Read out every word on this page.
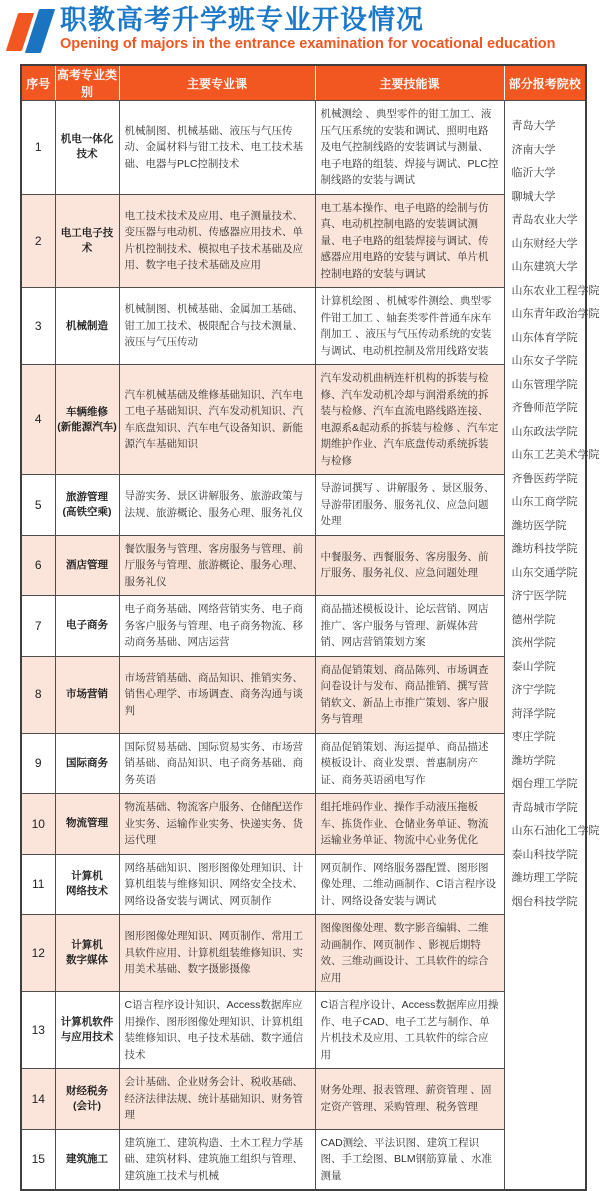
职教高考升学班专业开设情况
Opening of majors in the entrance examination for vocational education
序号	高考专业类别	主要专业课	主要技能课	部分报考院校
1	机电一体化
技术
	机械制图、机械基础、液压与气压传动、金属材料与钳工技术、电工技术基础、电器与PLC控制技术	机械测绘 、典型零件的钳工加工、液压气压系统的安装和调试、照明电路及电气控制线路的安装调试与测量、电子电路的组装、焊接与调试、PLC控制线路的安装与调试	
青岛大学
济南大学
临沂大学
聊城大学
青岛农业大学
山东财经大学
山东建筑大学
山东农业工程学院
山东青年政治学院
山东体育学院
山东女子学院
山东管理学院
齐鲁师范学院
山东政法学院
山东工艺美术学院
齐鲁医药学院
山东工商学院
潍坊医学院
潍坊科技学院
山东交通学院
济宁医学院
德州学院
滨州学院
泰山学院
济宁学院
菏泽学院
枣庄学院
潍坊学院
烟台理工学院
青岛城市学院
山东石油化工学院
泰山科技学院
潍坊理工学院
烟台科技学院

2	电工电子技术	电工技术技术及应用、电子测量技术、变压器与电动机、传感器应用技术、单片机控制技术、模拟电子技术基础及应用、数字电子技术基础及应用	电工基本操作、电子电路的绘制与仿真、电动机控制电路的安装调试测量、电子电路的组装焊接与调试、传感器应用电路的安装与调试、单片机控制电路的安装与调试	
3	机械制造	机械制图、机械基础、金属加工基础、钳工加工技术、极限配合与技术测量、液压与气压传动	计算机绘图 、机械零件测绘、典型零件钳工加工 、轴套类零件普通车床车削加工 、液压与气压传动系统的安装与调试、电动机控制及常用线路安装	
4	车辆维修
(新能源汽车)	汽车机械基础及维修基础知识、汽车电工电子基础知识、汽车发动机知识、汽车底盘知识、汽车电气设备知识、新能源汽车基础知识	汽车发动机曲柄连杆机构的拆装与检修、汽车发动机冷却与润滑系统的拆装与检修、汽车直流电路线路连接、电源系&起动系的拆装与检修 、汽车定期维护作业、汽车底盘传动系统拆装与检修	
5	旅游管理
(高铁空乘)	导游实务、景区讲解服务、旅游政策与法规、旅游概论、服务心理、服务礼仪	导游词撰写 、讲解服务 、景区服务、导游带团服务、服务礼仪、应急问题处理	
6	酒店管理	餐饮服务与管理、客房服务与管理、前厅服务与管理、旅游概论、服务心理、服务礼仪	中餐服务、西餐服务、客房服务、前厅服务、服务礼仪、应急问题处理	
7	电子商务	电子商务基础、网络营销实务、电子商务客户服务与管理、电子商务物流、移动商务基础、网店运营	商品描述模板设计、论坛营销、网店推广、客户服务与管理、新媒体营销、网店营销策划方案	
8	市场营销	市场营销基础、商品知识、推销实务、销售心理学、市场调查、商务沟通与谈判	商品促销策划、商品陈列、市场调查问卷设计与发布、商品推销、撰写营销软文、新品上市推广策划、客户服务与管理	
9	国际商务	国际贸易基础、国际贸易实务、市场营销基础、商品知识、电子商务基础、商务英语	商品促销策划、海运提单、商品描述模板设计、商业发票、普惠制房产证、商务英语函电写作	
10	物流管理	物流基础、物流客户服务、仓储配送作业实务、运输作业实务、快递实务、货运代理	组托堆码作业、操作手动液压拖板车、拣货作业、仓储业务单证、物流运输业务单证、物流中心业务优化	
11	计算机
网络技术	网络基础知识、图形图像处理知识、计算机组装与维修知识、网络安全技术、网络设备安装与调试、网页制作	网页制作、网络服务器配置、图形图像处理、二维动画制作、C语言程序设计、网络设备安装与调试	
12	计算机
数字媒体	图形图像处理知识、网页制作、常用工具软件应用、计算机组装维修知识、实用美术基础、数字摄影摄像	图像图像处理、数字影音编辑、二维动画制作、网页制作 、影视后期特效、三维动画设计、工具软件的综合应用	
13	计算机软件
与应用技术	C语言程序设计知识、Access数据库应用操作、图形图像处理知识、计算机组装维修知识、电子技术基础、数字通信技术	C语言程序设计、Access数据库应用操作、电子CAD、电子工艺与制作、单片机技术及应用、工具软件的综合应用	
14	财经税务
(会计)	会计基础、企业财务会计、税收基础、经济法律法规、统计基础知识、财务管理	财务处理、报表管理、薪资管理 、固定资产管理、采购管理、税务管理	
15	建筑施工	建筑施工、建筑构造、土木工程力学基础、建筑材料、建筑施工组织与管理、建筑施工技术与机械	CAD测绘、平法识图、建筑工程识图、手工绘图、BLM钢筋算量 、水准测量	
